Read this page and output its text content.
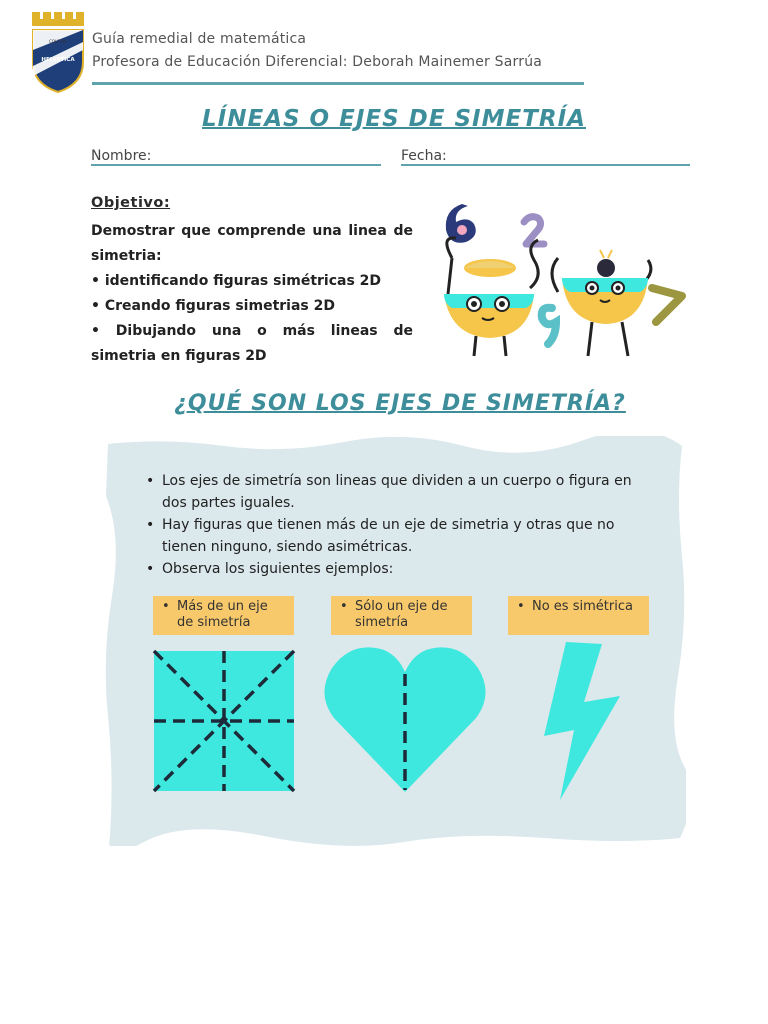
COLEGIO
HELVETICA
Guía remedial de matemática
Profesora de Educación Diferencial: Deborah Mainemer Sarrúa
LÍNEAS O EJES DE SIMETRÍA
Nombre:	Fecha:
Objetivo:

Demostrar que comprende una linea de simetria:

• identificando figuras simétricas 2D

• Creando figuras simetrias 2D

• Dibujando una o más lineas de simetria en figuras 2D

¿QUÉ SON LOS EJES DE SIMETRÍA?
• Los ejes de simetría son lineas que dividen a un cuerpo o figura en dos partes iguales.
• Hay figuras que tienen más de un eje de simetria y otras que no tienen ninguno, siendo asimétricas.
• Observa los siguientes ejemplos:
• Más de un eje de simetría
• Sólo un eje de simetría
• No es simétrica
